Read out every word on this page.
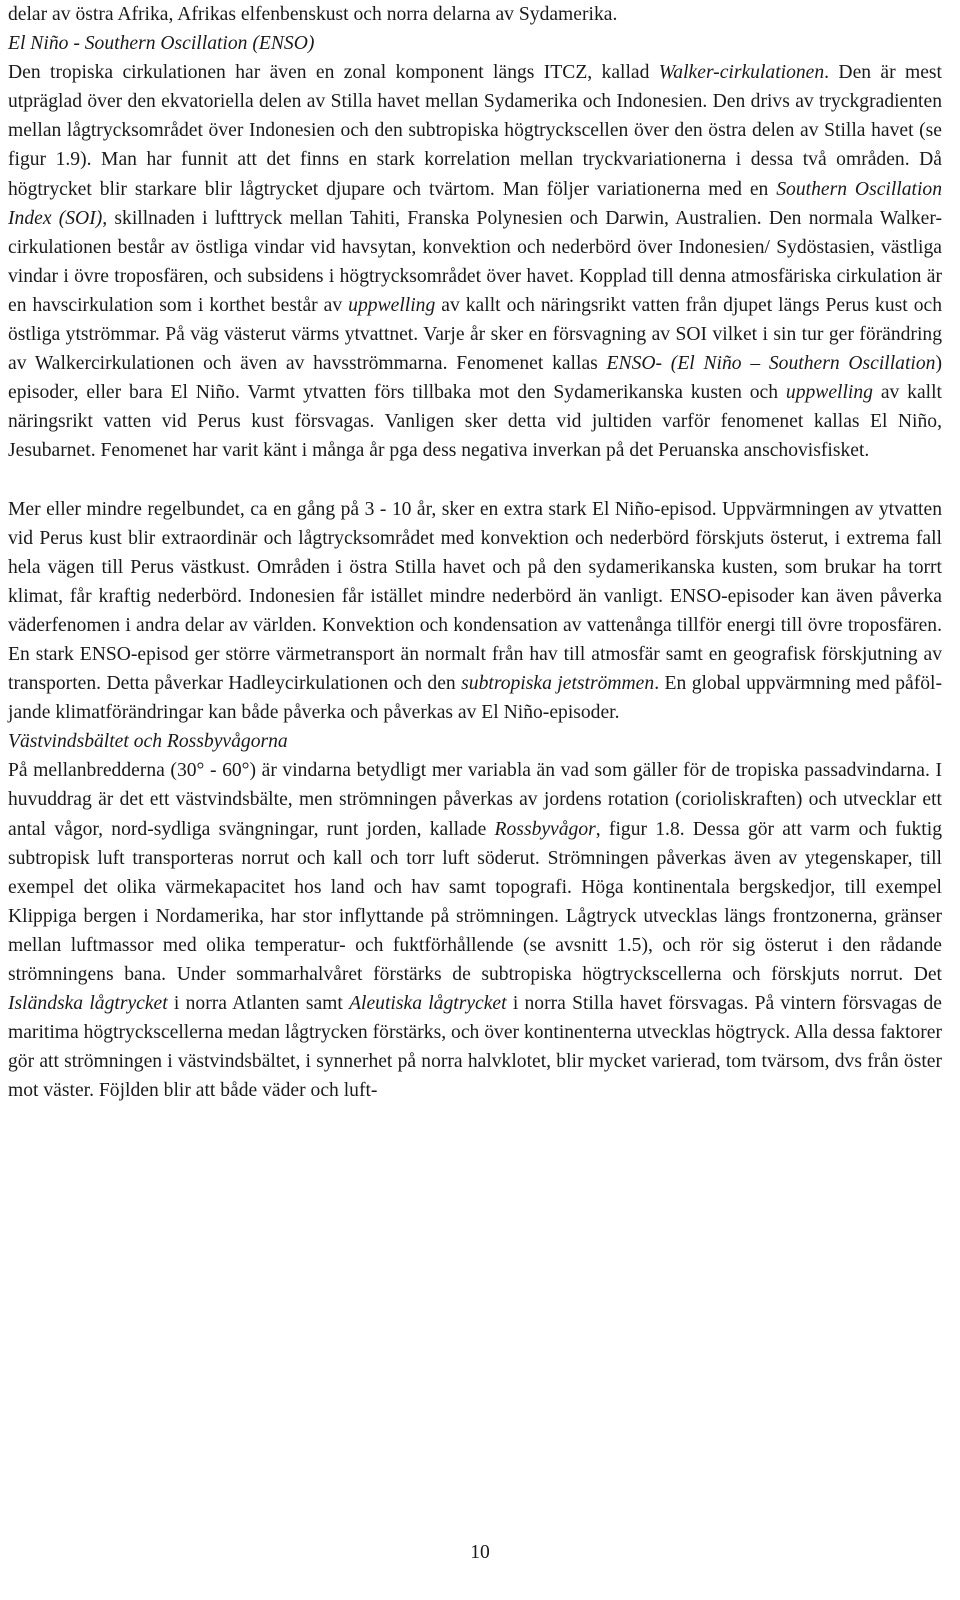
delar av östra Afrika, Afrikas elfenbenskust och norra delarna av Sydamerika.

El Niño - Southern Oscillation (ENSO)

Den tropiska cirkulationen har även en zonal komponent längs ITCZ, kallad Walker-cirkulationen. Den är mest utpräglad över den ekvatoriella delen av Stilla havet mellan Sydamerika och Indonesien. Den drivs av tryckgradienten mellan lågtrycksområdet över Indonesien och den subtropiska högtryckscellen över den östra delen av Stilla havet (se figur 1.9). Man har funnit att det finns en stark korrelation mellan tryckvariationerna i dessa två områden. Då högtrycket blir starkare blir lågtrycket djupare och tvärtom. Man följer variationerna med en Southern Oscillation Index (SOI), skillnaden i lufttryck mellan Tahiti, Franska Polynesien och Darwin, Australien. Den normala Walker-cirkulationen består av östliga vindar vid havsytan, konvektion och nederbörd över Indonesien/ Sydöstasien, västliga vindar i övre troposfären, och subsidens i högtrycksområdet över havet. Kopplad till denna atmosfäriska cirkulation är en havscirkulation som i korthet består av uppwelling av kallt och näringsrikt vatten från djupet längs Perus kust och östliga ytströmmar. På väg västerut värms ytvattnet. Varje år sker en försvagning av SOI vilket i sin tur ger förändring av Walkercirkulationen och även av havsströmmarna. Fenomenet kallas ENSO- (El Niño – Southern Oscillation) episoder, eller bara El Niño. Varmt ytvatten förs tillbaka mot den Sydamerikanska kusten och uppwelling av kallt näringsrikt vatten vid Perus kust försvagas. Vanligen sker detta vid jultiden varför fenomenet kallas El Niño, Jesubarnet. Fenomenet har varit känt i många år pga dess negativa inverkan på det Peruanska anschovisfisket.

Mer eller mindre regelbundet, ca en gång på 3 - 10 år, sker en extra stark El Niño-episod. Uppvärmningen av ytvatten vid Perus kust blir extraordinär och lågtrycksområdet med konvektion och nederbörd förskjuts österut, i extrema fall hela vägen till Perus västkust. Områden i östra Stilla havet och på den sydamerikanska kusten, som brukar ha torrt klimat, får kraftig nederbörd. Indonesien får istället mindre nederbörd än vanligt. ENSO-episoder kan även påverka väderfenomen i andra delar av världen. Konvektion och kondensation av vattenånga tillför energi till övre troposfären. En stark ENSO-episod ger större värmetransport än normalt från hav till atmosfär samt en geografisk förskjutning av transporten. Detta påverkar Hadleycirkulationen och den subtropiska jetströmmen. En global uppvärmning med påföljande klimatförändringar kan både påverka och påverkas av El Niño-episoder.

Västvindsbältet och Rossbyvågorna

På mellanbredderna (30° - 60°) är vindarna betydligt mer variabla än vad som gäller för de tropiska passadvindarna. I huvuddrag är det ett västvindsbälte, men strömningen påverkas av jordens rotation (corioliskraften) och utvecklar ett antal vågor, nord-sydliga svängningar, runt jorden, kallade Rossbyvågor, figur 1.8. Dessa gör att varm och fuktig subtropisk luft transporteras norrut och kall och torr luft söderut. Strömningen påverkas även av ytegenskaper, till exempel det olika värmekapacitet hos land och hav samt topografi. Höga kontinentala bergskedjor, till exempel Klippiga bergen i Nordamerika, har stor inflyttande på strömningen. Lågtryck utvecklas längs frontzonerna, gränser mellan luftmassor med olika temperatur- och fuktförhållende (se avsnitt 1.5), och rör sig österut i den rådande strömningens bana. Under sommarhalvåret förstärks de subtropiska högtryckscellerna och förskjuts norrut. Det Isländska lågtrycket i norra Atlanten samt Aleutiska lågtrycket i norra Stilla havet försvagas. På vintern försvagas de maritima högtryckscellerna medan lågtrycken förstärks, och över kontinenterna utvecklas högtryck. Alla dessa faktorer gör att strömningen i västvindsbältet, i synnerhet på norra halvklotet, blir mycket varierad, tom tvärsom, dvs från öster mot väster. Föjlden blir att både väder och luft-

10
